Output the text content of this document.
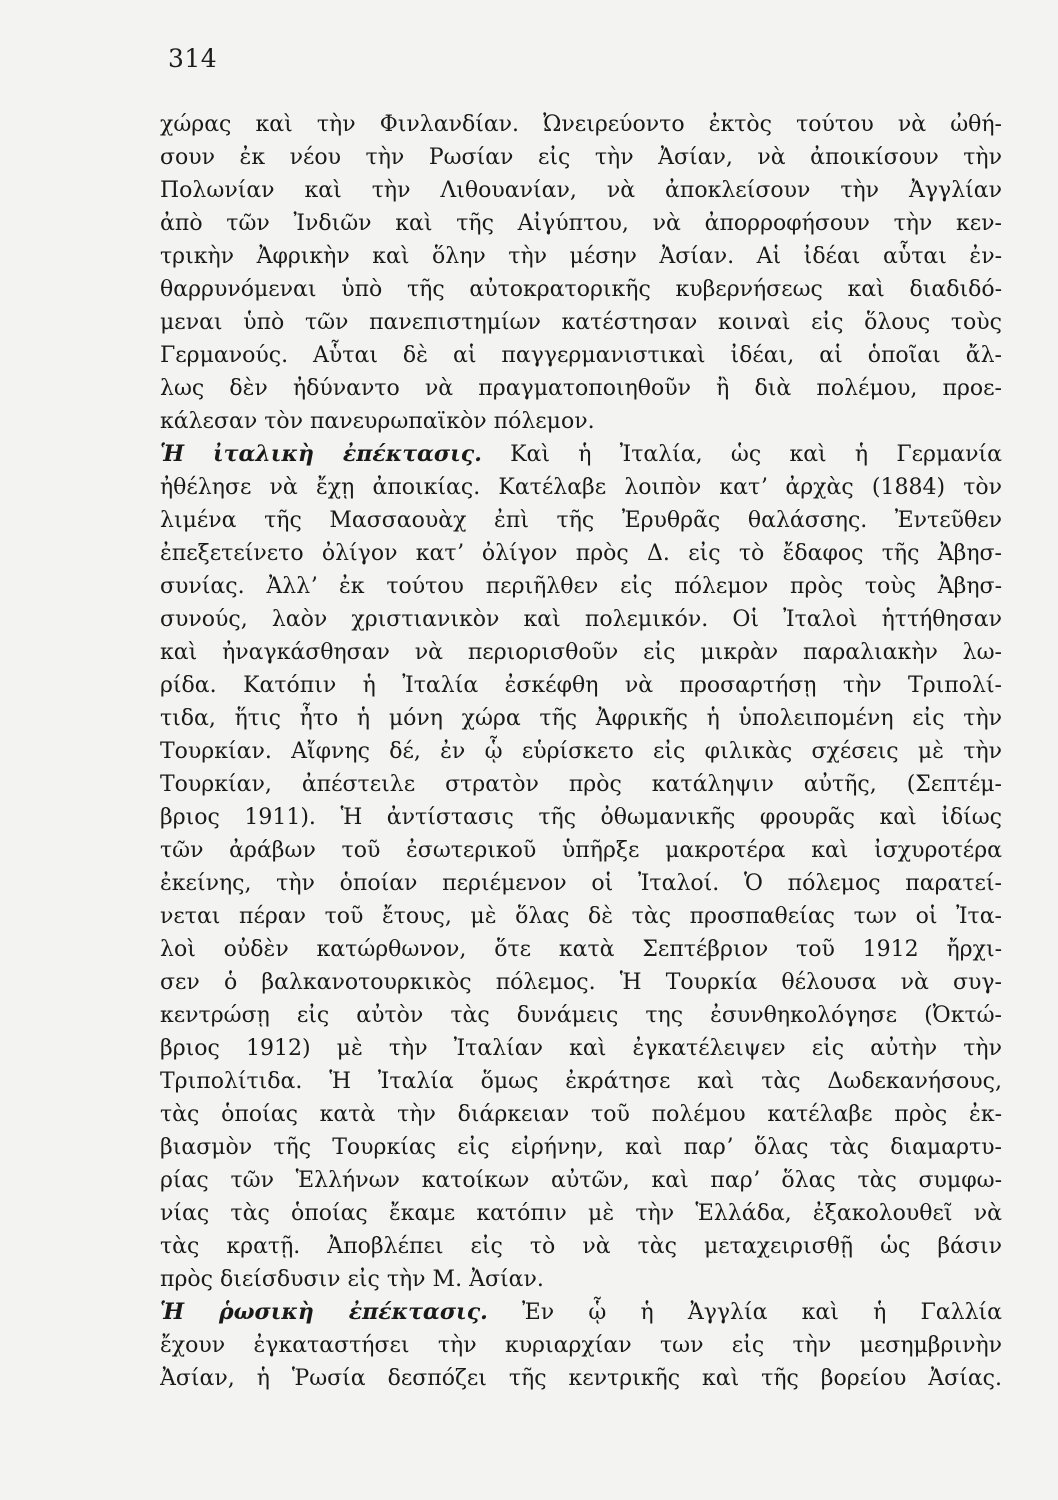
314
χώρας καὶ τὴν Φινλανδίαν. Ὠνειρεύοντο ἐκτὸς τούτου νὰ ὠθή-
σουν ἐκ νέου τὴν Ρωσίαν εἰς τὴν Ἀσίαν, νὰ ἀποικίσουν τὴν
Πολωνίαν καὶ τὴν Λιθουανίαν, νὰ ἀποκλείσουν τὴν Ἀγγλίαν
ἀπὸ τῶν Ἰνδιῶν καὶ τῆς Αἰγύπτου, νὰ ἀπορροφήσουν τὴν κεν-
τρικὴν Ἀφρικὴν καὶ ὅλην τὴν μέσην Ἀσίαν. Αἱ ἰδέαι αὗται ἐν-
θαρρυνόμεναι ὑπὸ τῆς αὐτοκρατορικῆς κυβερνήσεως καὶ διαδιδό-
μεναι ὑπὸ τῶν πανεπιστημίων κατέστησαν κοιναὶ εἰς ὅλους τοὺς
Γερμανούς. Αὗται δὲ αἱ παγγερμανιστικαὶ ἰδέαι, αἱ ὁποῖαι ἄλ-
λως δὲν ἠδύναντο νὰ πραγματοποιηθοῦν ἢ διὰ πολέμου, προε-
κάλεσαν τὸν πανευρωπαϊκὸν πόλεμον.
Ἡ ἰταλικὴ ἐπέκτασις. Καὶ ἡ Ἰταλία, ὡς καὶ ἡ Γερμανία
ἠθέλησε νὰ ἔχῃ ἀποικίας. Κατέλαβε λοιπὸν κατʼ ἀρχὰς (1884) τὸν
λιμένα τῆς Μασσαουὰχ ἐπὶ τῆς Ἐρυθρᾶς θαλάσσης. Ἐντεῦθεν
ἐπεξετείνετο ὀλίγον κατʼ ὀλίγον πρὸς Δ. εἰς τὸ ἔδαφος τῆς Ἀβησ-
συνίας. Ἀλλʼ ἐκ τούτου περιῆλθεν εἰς πόλεμον πρὸς τοὺς Ἀβησ-
συνούς, λαὸν χριστιανικὸν καὶ πολεμικόν. Οἱ Ἰταλοὶ ἡττήθησαν
καὶ ἠναγκάσθησαν νὰ περιορισθοῦν εἰς μικρὰν παραλιακὴν λω-
ρίδα. Κατόπιν ἡ Ἰταλία ἐσκέφθη νὰ προσαρτήσῃ τὴν Τριπολί-
τιδα, ἥτις ἦτο ἡ μόνη χώρα τῆς Ἀφρικῆς ἡ ὑπολειπομένη εἰς τὴν
Τουρκίαν. Αἴφνης δέ, ἐν ᾧ εὑρίσκετο εἰς φιλικὰς σχέσεις μὲ τὴν
Τουρκίαν, ἀπέστειλε στρατὸν πρὸς κατάληψιν αὐτῆς, (Σεπτέμ-
βριος 1911). Ἡ ἀντίστασις τῆς ὀθωμανικῆς φρουρᾶς καὶ ἰδίως
τῶν ἀράβων τοῦ ἐσωτερικοῦ ὑπῆρξε μακροτέρα καὶ ἰσχυροτέρα
ἐκείνης, τὴν ὁποίαν περιέμενον οἱ Ἰταλοί. Ὁ πόλεμος παρατεί-
νεται πέραν τοῦ ἔτους, μὲ ὅλας δὲ τὰς προσπαθείας των οἱ Ἰτα-
λοὶ οὐδὲν κατώρθωνον, ὅτε κατὰ Σεπτέβριον τοῦ 1912 ἤρχι-
σεν ὁ βαλκανοτουρκικὸς πόλεμος. Ἡ Τουρκία θέλουσα νὰ συγ-
κεντρώσῃ εἰς αὐτὸν τὰς δυνάμεις της ἐσυνθηκολόγησε (Ὀκτώ-
βριος 1912) μὲ τὴν Ἰταλίαν καὶ ἐγκατέλειψεν εἰς αὐτὴν τὴν
Τριπολίτιδα. Ἡ Ἰταλία ὅμως ἐκράτησε καὶ τὰς Δωδεκανήσους,
τὰς ὁποίας κατὰ τὴν διάρκειαν τοῦ πολέμου κατέλαβε πρὸς ἐκ-
βιασμὸν τῆς Τουρκίας εἰς εἰρήνην, καὶ παρʼ ὅλας τὰς διαμαρτυ-
ρίας τῶν Ἑλλήνων κατοίκων αὐτῶν, καὶ παρʼ ὅλας τὰς συμφω-
νίας τὰς ὁποίας ἔκαμε κατόπιν μὲ τὴν Ἑλλάδα, ἐξακολουθεῖ νὰ
τὰς κρατῇ. Ἀποβλέπει εἰς τὸ νὰ τὰς μεταχειρισθῇ ὡς βάσιν
πρὸς διείσδυσιν εἰς τὴν Μ. Ἀσίαν.
Ἡ ῥωσικὴ ἐπέκτασις. Ἐν ᾧ ἡ Ἀγγλία καὶ ἡ Γαλλία
ἔχουν ἐγκαταστήσει τὴν κυριαρχίαν των εἰς τὴν μεσημβρινὴν
Ἀσίαν, ἡ Ῥωσία δεσπόζει τῆς κεντρικῆς καὶ τῆς βορείου Ἀσίας.
